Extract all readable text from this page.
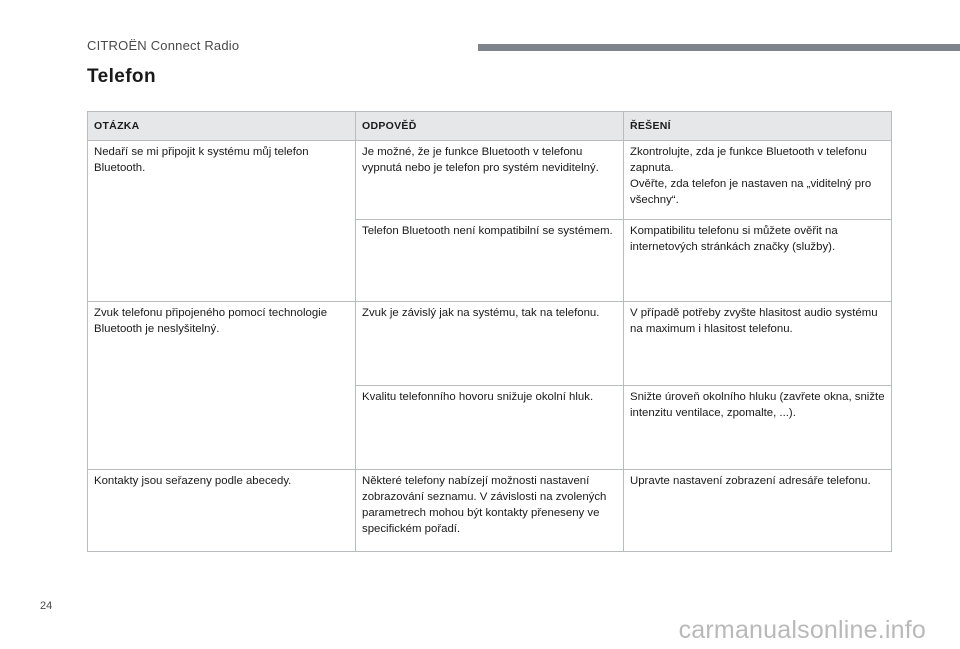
CITROËN Connect Radio
Telefon
OTÁZKA	ODPOVĚĎ	ŘEŠENÍ
Nedaří se mi připojit k systému můj telefon Bluetooth.	Je možné, že je funkce Bluetooth v telefonu vypnutá nebo je telefon pro systém neviditelný.	Zkontrolujte, zda je funkce Bluetooth v telefonu zapnuta.
Ověřte, zda telefon je nastaven na „viditelný pro všechny“.

	Telefon Bluetooth není kompatibilní se systémem.	Kompatibilitu telefonu si můžete ověřit na internetových stránkách značky (služby).

Zvuk telefonu připojeného pomocí technologie Bluetooth je neslyšitelný.	Zvuk je závislý jak na systému, tak na telefonu.	V případě potřeby zvyšte hlasitost audio systému na maximum i hlasitost telefonu.

	Kvalitu telefonního hovoru snižuje okolní hluk.	Snižte úroveň okolního hluku (zavřete okna, snižte intenzitu ventilace, zpomalte, ...).

Kontakty jsou seřazeny podle abecedy.	Některé telefony nabízejí možnosti nastavení zobrazování seznamu. V závislosti na zvolených parametrech mohou být kontakty přeneseny ve specifickém pořadí.	Upravte nastavení zobrazení adresáře telefonu.
24
carmanualsonline.info
